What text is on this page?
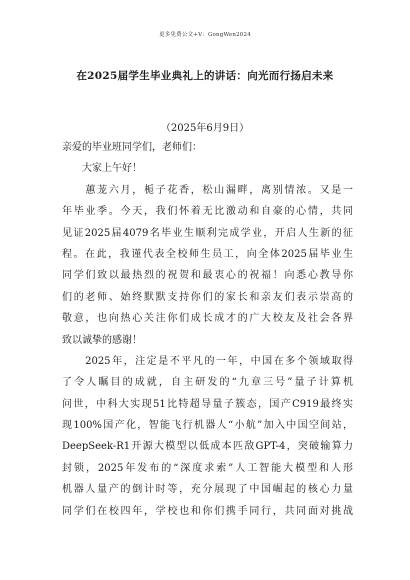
更多免费公文+V：GongWen2024
在2025届学生毕业典礼上的讲话：向光而行扬启未来
（2025年6月9日）
亲爱的毕业班同学们，老师们：
　　大家上午好！
　　蕙茏六月，栀子花香，松山漏畔，离别情浓。又是一
年毕业季。今天，我们怀着无比激动和自豪的心情，共同
见证2025届4079名毕业生顺利完成学业，开启人生新的征
程。在此，我谨代表全校师生员工，向全体2025届毕业生
同学们致以最热烈的祝贺和最衷心的祝福！向悉心教导你
们的老师、始终默默支持你们的家长和亲友们表示崇高的
敬意，也向热心关注你们成长成才的广大校友及社会各界
致以诚挚的感谢！
　　2025年，注定是不平凡的一年，中国在多个领域取得
了令人瞩目的成就，自主研发的“九章三号”量子计算机
问世，中科大实现51比特超导量子簇态，国产C919最终实
现100%国产化，智能飞行机器人“小航”加入中国空间站，
DeepSeek-R1开源大模型以低成本匹敌GPT-4，突破输算力
封锁，2025年发布的“深度求索”人工智能大模型和人形
机器人量产的倒计时等，充分展现了中国崛起的核心力量
同学们在校四年，学校也和你们携手同行，共同面对挑战
